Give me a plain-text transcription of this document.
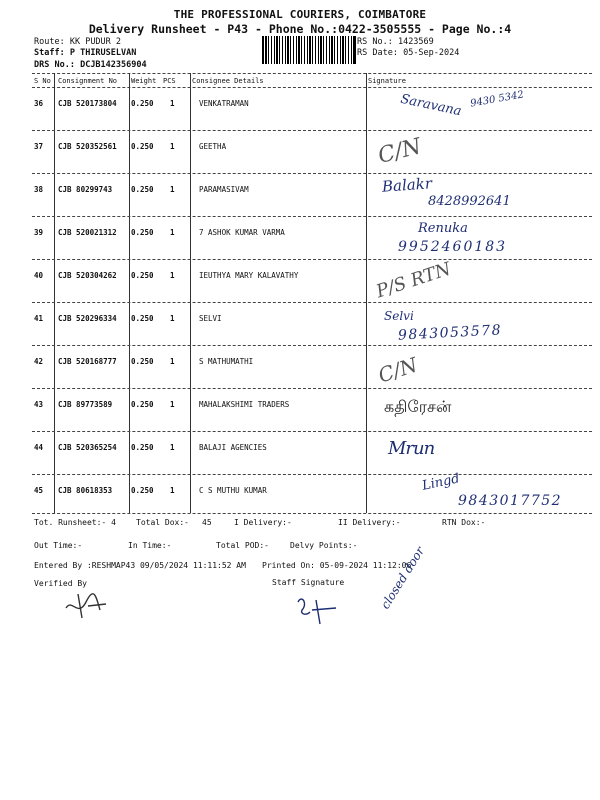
THE PROFESSIONAL COURIERS, COIMBATORE
Delivery Runsheet - P43 - Phone No.:0422-3505555 - Page No.:4
Route: KK PUDUR 2
Staff: P THIRUSELVAN
DRS No.: DCJB142356904
RS No.: 1423569
RS Date: 05-Sep-2024
S No Consignment No Weight PCS Consignee Details	Signature
36 CJB 520173804 0.250 1	VENKATRAMAN	Saravana 9430 5342
37 CJB 520352561 0.250 1	GEETHA	C/N
38 CJB 80299743	0.250 1	PARAMASIVAM	Balakr
8428992641
39 CJB 520021312 0.250 1	7 ASHOK KUMAR VARMA	Renuka
9952460183
40 CJB 520304262 0.250 1	IEUTHYA MARY KALAVATHY	P/S RTN
41 CJB 520296334 0.250 1	SELVI	Selvi
9843053578
42 CJB 520168777 0.250 1	S MATHUMATHI	C/N
43 CJB 89773589	0.250 1	MAHALAKSHIMI TRADERS	கதிரேசன்
44 CJB 520365254 0.250 1	BALAJI AGENCIES	Mrun
45 CJB 80618353	0.250 1	C S MUTHU KUMAR	Lingd
9843017752
Tot. Runsheet:- 4	Total Dox:- 45	I Delivery:-	II Delivery:-	RTN Dox:-
Out Time:-	In Time:-	Total POD:-	Delvy Points:-
Entered By :RESHMAP43 09/05/2024 11:11:52 AM Printed On: 05-09-2024 11:12:06
Verified By	Staff Signature	closed door
